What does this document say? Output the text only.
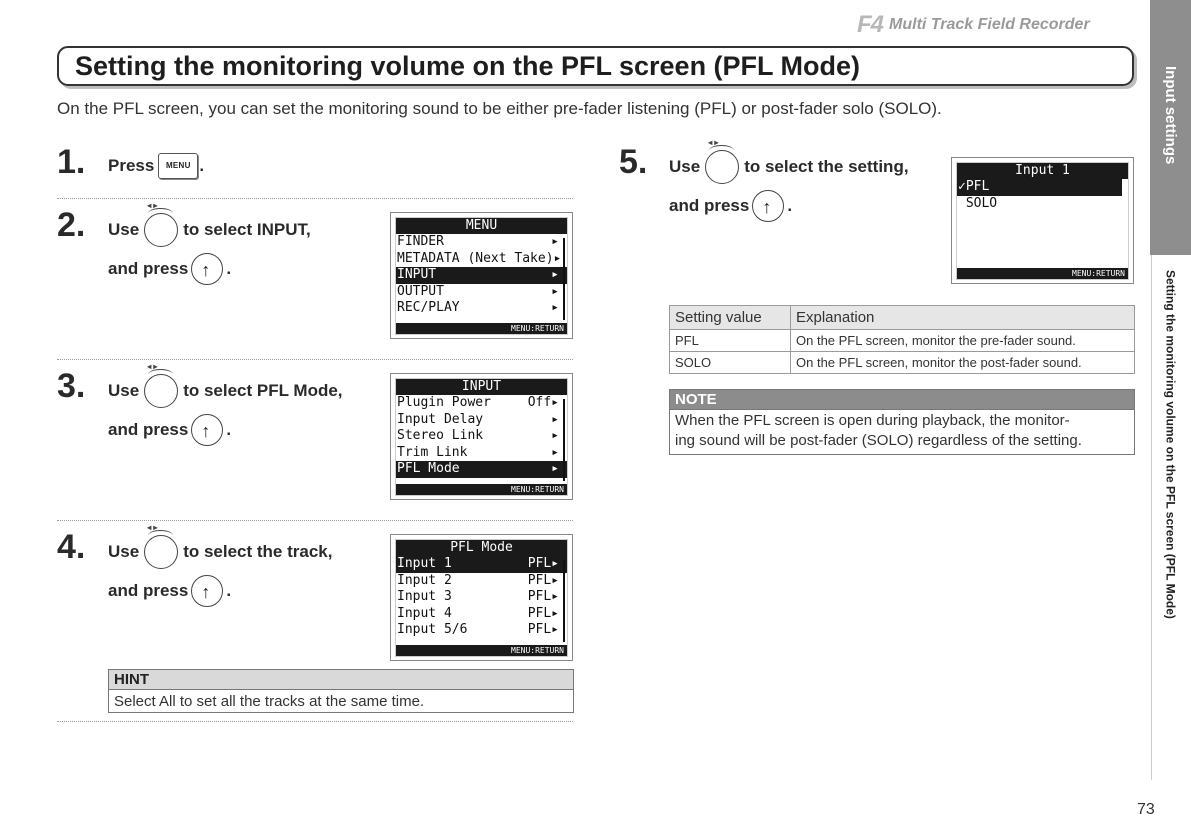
F4 Multi Track Field Recorder
Input settings
Setting the monitoring volume on the PFL screen (PFL Mode)
Setting the monitoring volume on the PFL screen (PFL Mode)
On the PFL screen, you can set the monitoring sound to be either pre-fader listening (PFL) or post-fader solo (SOLO).
1. Press	MENU .
2. Use ◂ ▸	to select INPUT,
and press ↑ .
MENU
FINDER	▸
METADATA (Next Take) ▸
INPUT	▸
OUTPUT	▸
REC/PLAY	▸
MENU:RETURN
3. Use ◂ ▸	to select PFL Mode,
and press ↑ .
INPUT
Plugin Power	Off▸
Input Delay	▸
Stereo Link	▸
Trim Link	▸
PFL Mode	▸
MENU:RETURN
4. Use ◂ ▸	to select the track,
and press ↑ .
PFL Mode
Input 1	PFL▸
Input 2	PFL▸
Input 3	PFL▸
Input 4	PFL▸
Input 5/6	PFL▸
MENU:RETURN
HINT
Select All to set all the tracks at the same time.
5. Use ◂ ▸	to select the setting,
and press ↑ .
Input 1
✓PFL
SOLO
MENU:RETURN
Setting value	Explanation
PFL	On the PFL screen, monitor the pre-fader sound.
SOLO	On the PFL screen, monitor the post-fader sound.
NOTE
When the PFL screen is open during playback, the monitor-
ing sound will be post-fader (SOLO) regardless of the setting.
73
